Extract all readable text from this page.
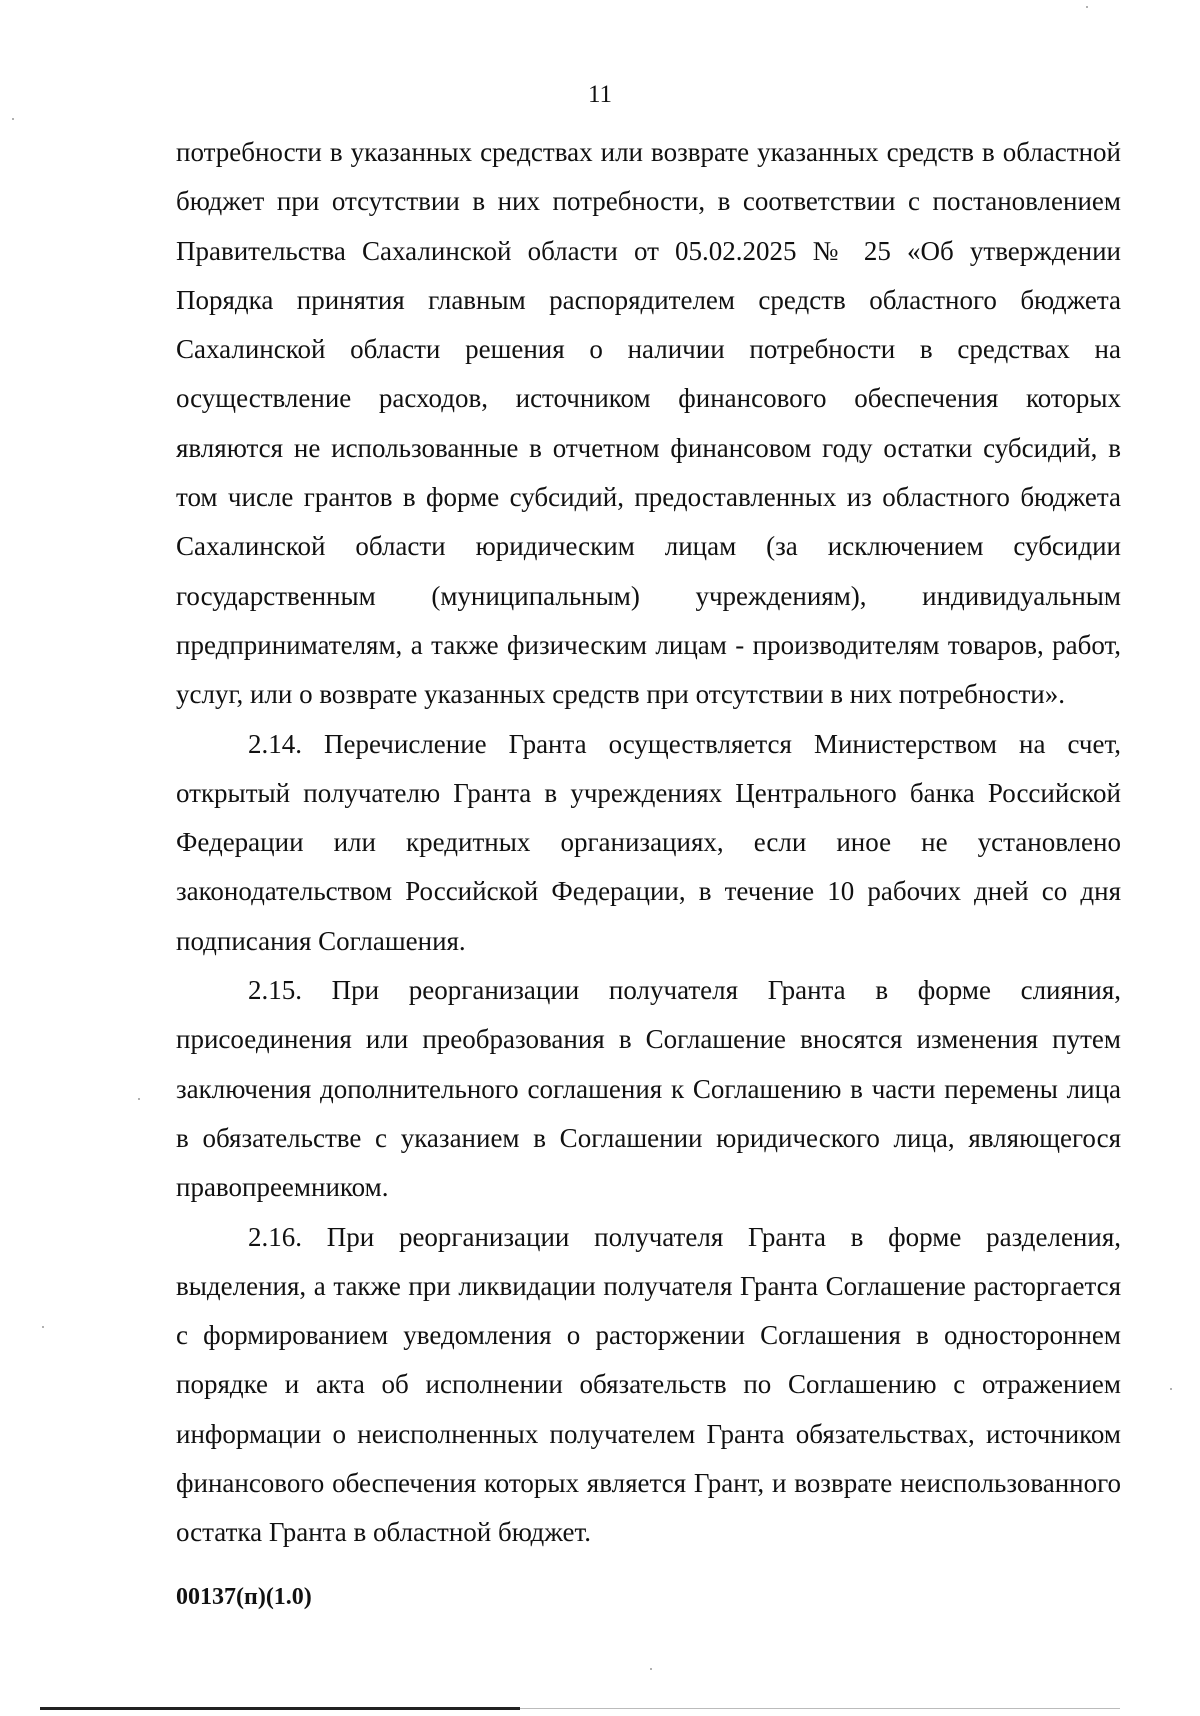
11

потребности в указанных средствах или возврате указанных средств в областной бюджет при отсутствии в них потребности, в соответствии с постановлением Правительства Сахалинской области от 05.02.2025 № 25 «Об утверждении Порядка принятия главным распорядителем средств областного бюджета Сахалинской области решения о наличии потребности в средствах на осуществление расходов, источником финансового обеспечения которых являются не использованные в отчетном финансовом году остатки субсидий, в том числе грантов в форме субсидий, предоставленных из областного бюджета Сахалинской области юридическим лицам (за исключением субсидии государственным (муниципальным) учреждениям), индивидуальным предпринимателям, а также физическим лицам - производителям товаров, работ, услуг, или о возврате указанных средств при отсутствии в них потребности».

2.14. Перечисление Гранта осуществляется Министерством на счет, открытый получателю Гранта в учреждениях Центрального банка Российской Федерации или кредитных организациях, если иное не установлено законодательством Российской Федерации, в течение 10 рабочих дней со дня подписания Соглашения.

2.15. При реорганизации получателя Гранта в форме слияния, присоединения или преобразования в Соглашение вносятся изменения путем заключения дополнительного соглашения к Соглашению в части перемены лица в обязательстве с указанием в Соглашении юридического лица, являющегося правопреемником.

2.16. При реорганизации получателя Гранта в форме разделения, выделения, а также при ликвидации получателя Гранта Соглашение расторгается с формированием уведомления о расторжении Соглашения в одностороннем порядке и акта об исполнении обязательств по Соглашению с отражением информации о неисполненных получателем Гранта обязательствах, источником финансового обеспечения которых является Грант, и возврате неиспользованного остатка Гранта в областной бюджет.

00137(п)(1.0)
